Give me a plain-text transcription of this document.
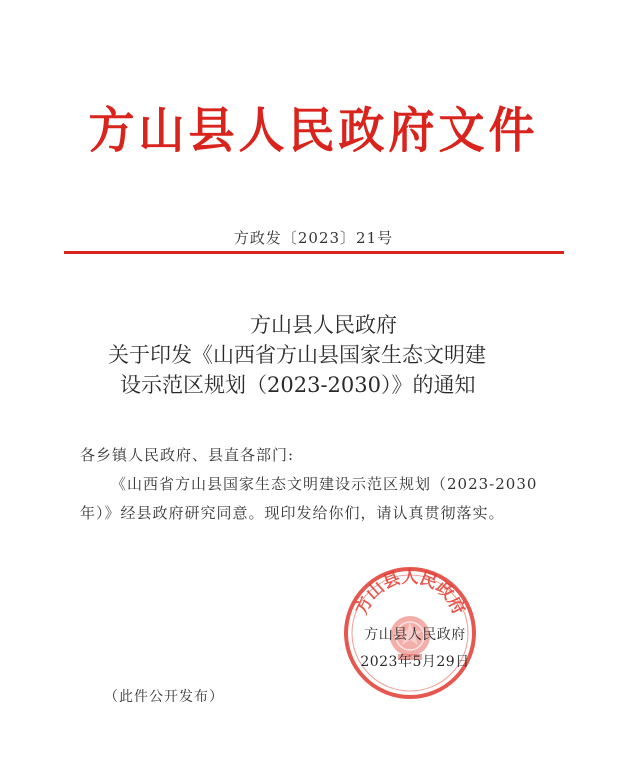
方山县人民政府文件
方政发〔2023〕21号
方山县人民政府
关于印发《山西省方山县国家生态文明建
设示范区规划（2023-2030）》的通知
各乡镇人民政府、县直各部门:
《山西省方山县国家生态文明建设示范区规划（2023-2030年）》经县政府研究同意。现印发给你们，请认真贯彻落实。
方山县人民政府
方山县人民政府
2023年5月29日
（此件公开发布）
